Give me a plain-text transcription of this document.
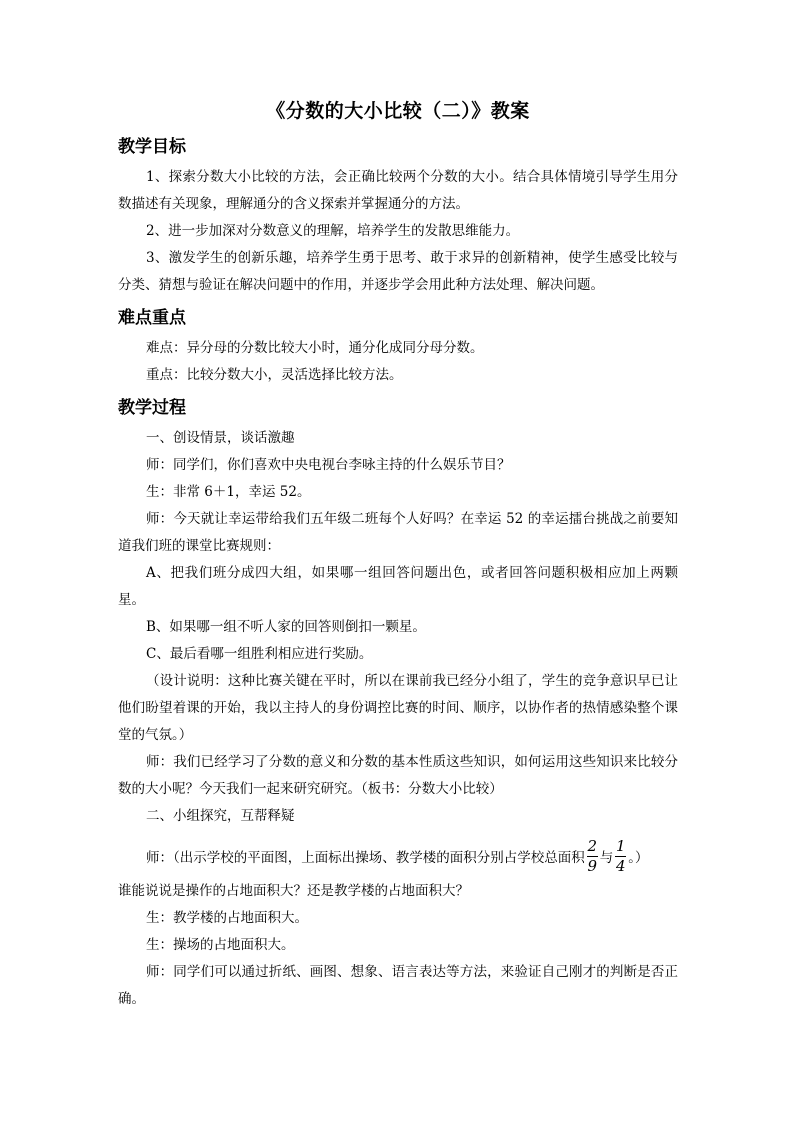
《分数的大小比较（二）》教案
教学目标

1、探索分数大小比较的方法，会正确比较两个分数的大小。结合具体情境引导学生用分数描述有关现象，理解通分的含义探索并掌握通分的方法。

2、进一步加深对分数意义的理解，培养学生的发散思维能力。

3、激发学生的创新乐趣，培养学生勇于思考、敢于求异的创新精神，使学生感受比较与分类、猜想与验证在解决问题中的作用，并逐步学会用此种方法处理、解决问题。

难点重点

难点：异分母的分数比较大小时，通分化成同分母分数。

重点：比较分数大小，灵活选择比较方法。

教学过程

一、创设情景，谈话激趣

师：同学们，你们喜欢中央电视台李咏主持的什么娱乐节目？

生：非常 6＋1，幸运 52。

师：今天就让幸运带给我们五年级二班每个人好吗？在幸运 52 的幸运擂台挑战之前要知道我们班的课堂比赛规则：

A、把我们班分成四大组，如果哪一组回答问题出色，或者回答问题积极相应加上两颗星。

B、如果哪一组不听人家的回答则倒扣一颗星。

C、最后看哪一组胜利相应进行奖励。

（设计说明：这种比赛关键在平时，所以在课前我已经分小组了，学生的竞争意识早已让他们盼望着课的开始，我以主持人的身份调控比赛的时间、顺序，以协作者的热情感染整个课堂的气氛。）

师：我们已经学习了分数的意义和分数的基本性质这些知识，如何运用这些知识来比较分数的大小呢？今天我们一起来研究研究。（板书：分数大小比较）

二、小组探究，互帮释疑

师：（出示学校的平面图，上面标出操场、教学楼的面积分别占学校总面积 $\frac{2}{9}$ 与 $\frac{1}{4}$ 。）

谁能说说是操作的占地面积大？还是教学楼的占地面积大？

生：教学楼的占地面积大。

生：操场的占地面积大。

师：同学们可以通过折纸、画图、想象、语言表达等方法，来验证自己刚才的判断是否正确。
